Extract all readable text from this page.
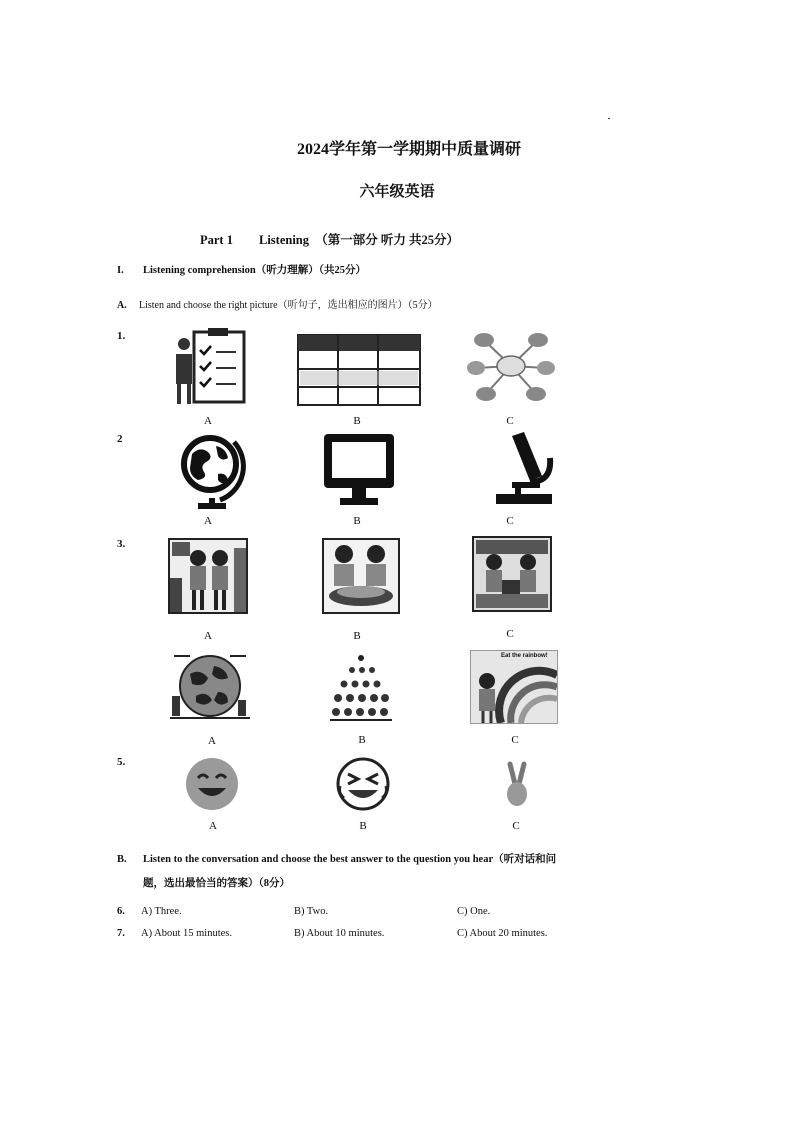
2024学年第一学期期中质量调研
六年级英语
Part 1 Listening （第一部分 听力 共25分）
I. Listening comprehension（听力理解）（共25分）
A. Listen and choose the right picture（听句子，选出相应的图片）（5分）
1.
A	B	C
2
A	B	C
3.
A	B	C
Eat the rainbow!
A	B	C
5.
A	B	C
B. Listen to the conversation and choose the best answer to the question you hear（听对话和问
题，选出最恰当的答案）（8分）
6. A) Three.	B) Two.	C) One.
7. A) About 15 minutes.	B) About 10 minutes.	C) About 20 minutes.
